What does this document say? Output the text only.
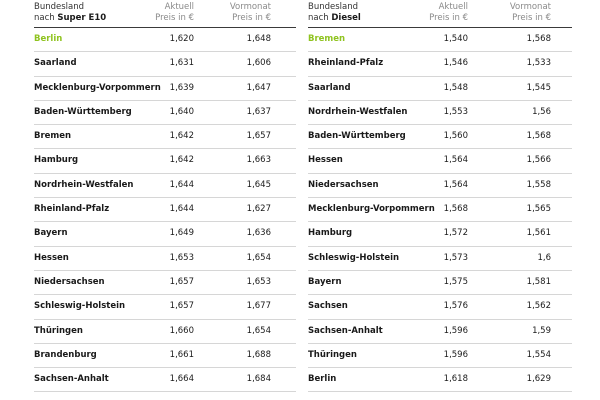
Bundesland
nach Super E10
Aktuell
Preis in €
Vormonat
Preis in €
Berlin	1,620	1,648
Saarland	1,631	1,606
Mecklenburg-Vorpommern	1,639	1,647
Baden-Württemberg	1,640	1,637
Bremen	1,642	1,657
Hamburg	1,642	1,663
Nordrhein-Westfalen	1,644	1,645
Rheinland-Pfalz	1,644	1,627
Bayern	1,649	1,636
Hessen	1,653	1,654
Niedersachsen	1,657	1,653
Schleswig-Holstein	1,657	1,677
Thüringen	1,660	1,654
Brandenburg	1,661	1,688
Sachsen-Anhalt	1,664	1,684
Bundesland
nach Diesel
Aktuell
Preis in €
Vormonat
Preis in €
Bremen	1,540	1,568
Rheinland-Pfalz	1,546	1,533
Saarland	1,548	1,545
Nordrhein-Westfalen	1,553	1,56
Baden-Württemberg	1,560	1,568
Hessen	1,564	1,566
Niedersachsen	1,564	1,558
Mecklenburg-Vorpommern	1,568	1,565
Hamburg	1,572	1,561
Schleswig-Holstein	1,573	1,6
Bayern	1,575	1,581
Sachsen	1,576	1,562
Sachsen-Anhalt	1,596	1,59
Thüringen	1,596	1,554
Berlin	1,618	1,629
